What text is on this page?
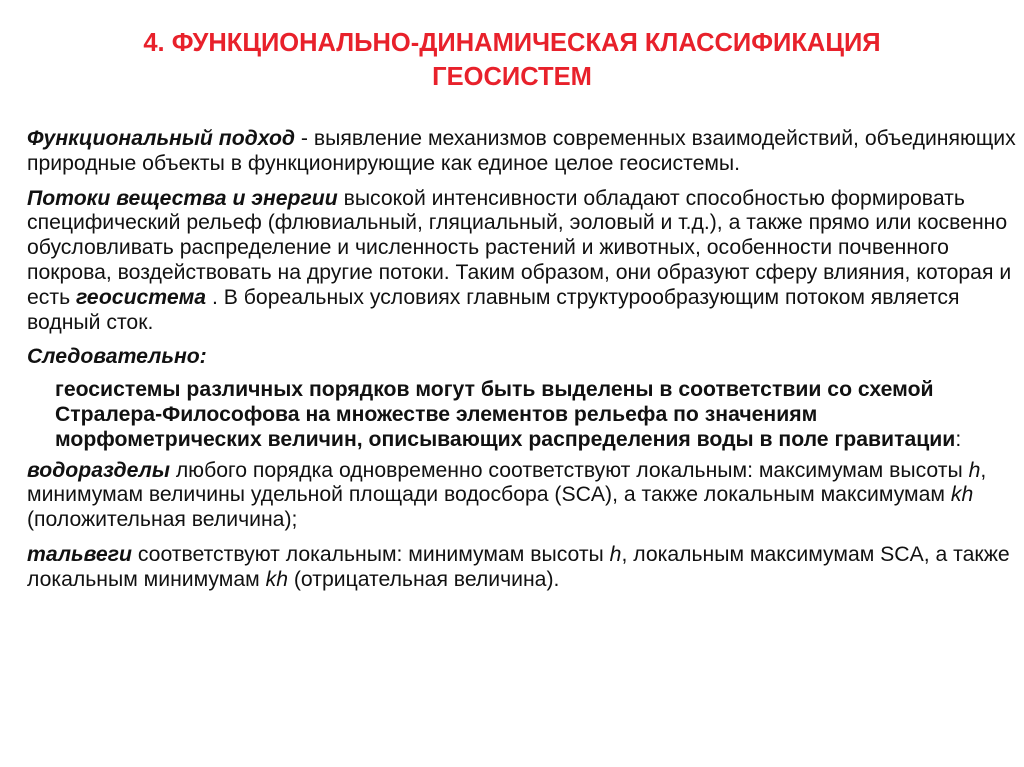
4. ФУНКЦИОНАЛЬНО-ДИНАМИЧЕСКАЯ КЛАССИФИКАЦИЯ
ГЕОСИСТЕМ

Функциональный подход - выявление механизмов современных взаимодействий, объединяющих природные объекты в функционирующие как единое целое геосистемы.

Потоки вещества и энергии высокой интенсивности обладают способностью формировать специфический рельеф (флювиальный, гляциальный, эоловый и т.д.), а также прямо или косвенно обусловливать распределение и численность растений и животных, особенности почвенного покрова, воздействовать на другие потоки. Таким образом, они образуют сферу влияния, которая и есть геосистема . В бореальных условиях главным структурообразующим потоком является водный сток.

Следовательно:

геосистемы различных порядков могут быть выделены в соответствии со схемой Стралера-Философова на множестве элементов рельефа по значениям морфометрических величин, описывающих распределения воды в поле гравитации:

водоразделы любого порядка одновременно соответствуют локальным: максимумам высоты h, минимумам величины удельной площади водосбора (SCA), а также локальным максимумам kh (положительная величина);

тальвеги соответствуют локальным: минимумам высоты h, локальным максимумам SCA, а также локальным минимумам kh (отрицательная величина).
